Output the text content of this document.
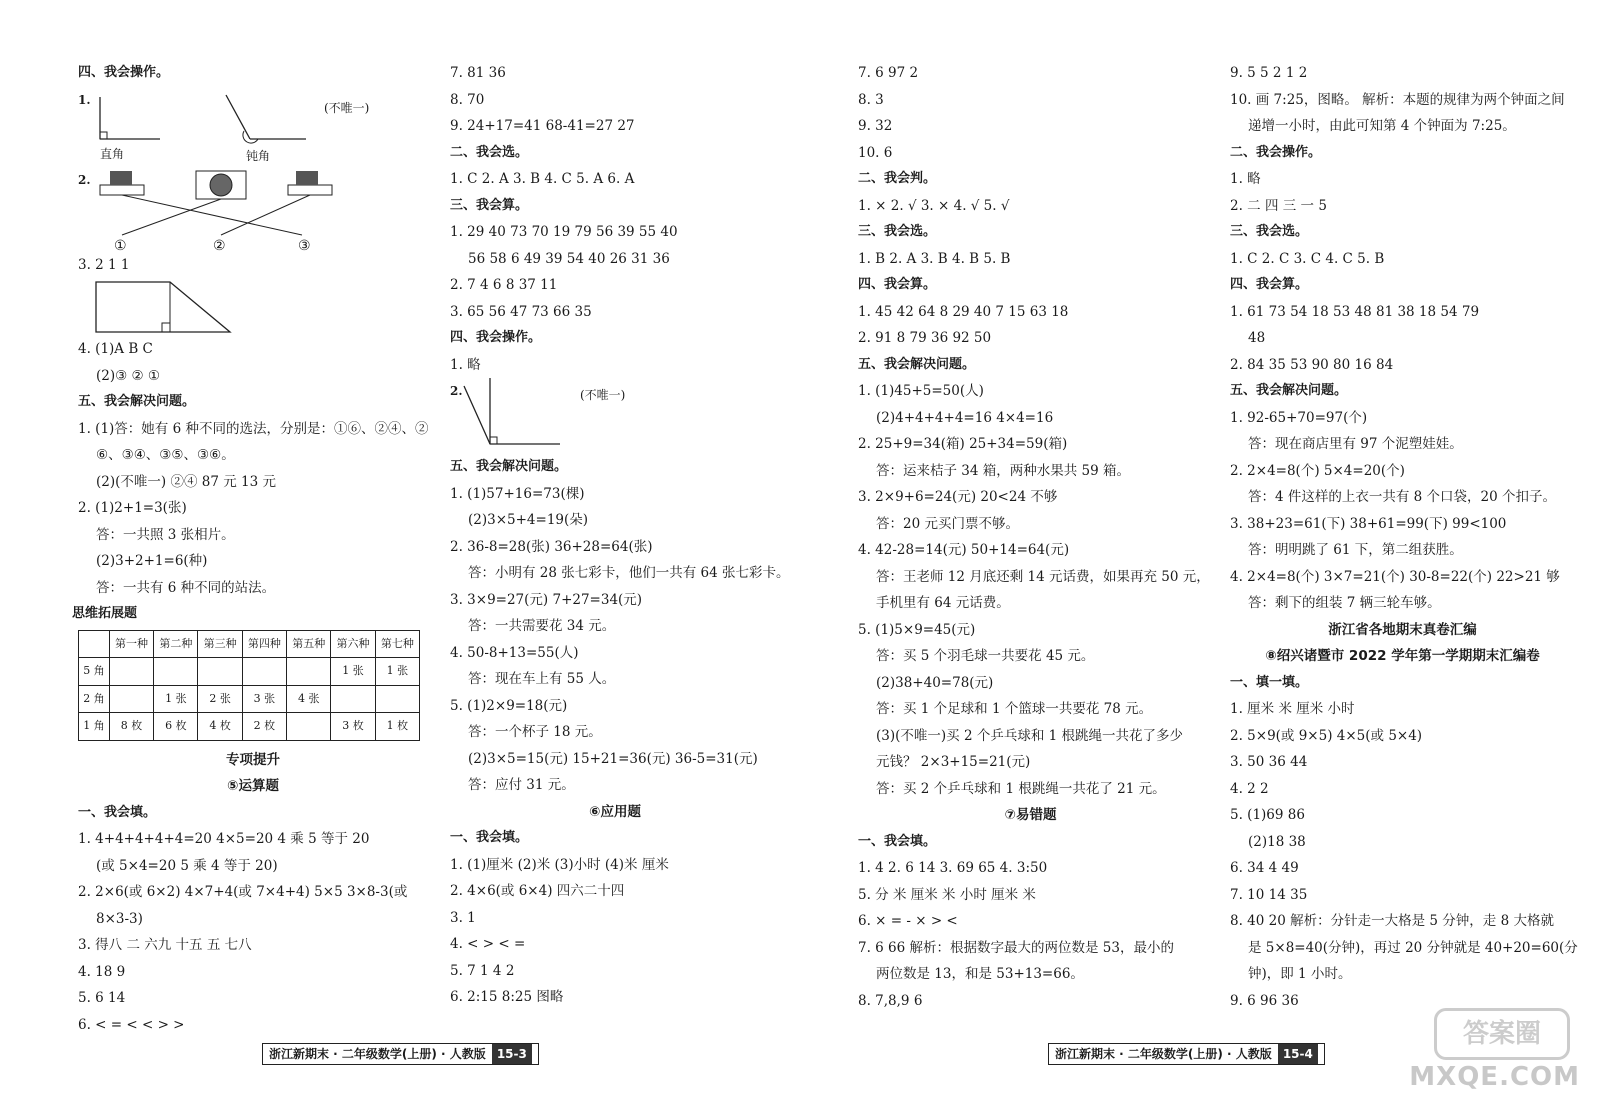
四、我会操作。
1.
(不唯一)
直角	钝角
2.
①	②	③
3. 2 1 1
4. (1)A B C
(2)③ ② ①
五、我会解决问题。
1. (1)答：她有 6 种不同的选法，分别是：①⑥、②④、②
⑥、③④、③⑤、③⑥。
(2)(不唯一) ②④ 87 元 13 元
2. (1)2+1=3(张)
答：一共照 3 张相片。
(2)3+2+1=6(种)
答：一共有 6 种不同的站法。
思维拓展题
	第一种	第二种	第三种	第四种	第五种	第六种	第七种
5 角						1 张	1 张
2 角		1 张	2 张	3 张	4 张		
1 角	8 枚	6 枚	4 枚	2 枚		3 枚	1 枚
专项提升
⑤运算题
一、我会填。
1. 4+4+4+4+4=20 4×5=20 4 乘 5 等于 20
(或 5×4=20 5 乘 4 等于 20)
2. 2×6(或 6×2) 4×7+4(或 7×4+4) 5×5 3×8-3(或
8×3-3)
3. 得八 二 六九 十五 五 七八
4. 18 9
5. 6 14
6. < = < < > >
7. 81 36
8. 70
9. 24+17=41 68-41=27 27
二、我会选。
1. C 2. A 3. B 4. C 5. A 6. A
三、我会算。
1. 29 40 73 70 19 79 56 39 55 40
56 58 6 49 39 54 40 26 31 36
2. 7 4 6 8 37 11
3. 65 56 47 73 66 35
四、我会操作。
1. 略
2.	(不唯一)
五、我会解决问题。
1. (1)57+16=73(棵)
(2)3×5+4=19(朵)
2. 36-8=28(张) 36+28=64(张)
答：小明有 28 张七彩卡，他们一共有 64 张七彩卡。
3. 3×9=27(元) 7+27=34(元)
答：一共需要花 34 元。
4. 50-8+13=55(人)
答：现在车上有 55 人。
5. (1)2×9=18(元)
答：一个杯子 18 元。
(2)3×5=15(元) 15+21=36(元) 36-5=31(元)
答：应付 31 元。
⑥应用题
一、我会填。
1. (1)厘米 (2)米 (3)小时 (4)米 厘米
2. 4×6(或 6×4) 四六二十四
3. 1
4. < > < =
5. 7 1 4 2
6. 2:15 8:25 图略
浙江新期末 · 二年级数学(上册) · 人教版 15-3
7. 6 97 2
8. 3
9. 32
10. 6
二、我会判。
1. × 2. √ 3. × 4. √ 5. √
三、我会选。
1. B 2. A 3. B 4. B 5. B
四、我会算。
1. 45 42 64 8 29 40 7 15 63 18
2. 91 8 79 36 92 50
五、我会解决问题。
1. (1)45+5=50(人)
(2)4+4+4+4=16 4×4=16
2. 25+9=34(箱) 25+34=59(箱)
答：运来桔子 34 箱，两种水果共 59 箱。
3. 2×9+6=24(元) 20<24 不够
答：20 元买门票不够。
4. 42-28=14(元) 50+14=64(元)
答：王老师 12 月底还剩 14 元话费，如果再充 50 元，
手机里有 64 元话费。
5. (1)5×9=45(元)
答：买 5 个羽毛球一共要花 45 元。
(2)38+40=78(元)
答：买 1 个足球和 1 个篮球一共要花 78 元。
(3)(不唯一)买 2 个乒乓球和 1 根跳绳一共花了多少
元钱？ 2×3+15=21(元)
答：买 2 个乒乓球和 1 根跳绳一共花了 21 元。
⑦易错题
一、我会填。
1. 4 2. 6 14 3. 69 65 4. 3:50
5. 分 米 厘米 米 小时 厘米 米
6. × = - × > <
7. 6 66 解析：根据数字最大的两位数是 53，最小的
两位数是 13，和是 53+13=66。
8. 7,8,9 6
9. 5 5 2 1 2
10. 画 7:25，图略。 解析：本题的规律为两个钟面之间
递增一小时，由此可知第 4 个钟面为 7:25。
二、我会操作。
1. 略
2. 二 四 三 一 5
三、我会选。
1. C 2. C 3. C 4. C 5. B
四、我会算。
1. 61 73 54 18 53 48 81 38 18 54 79
48
2. 84 35 53 90 80 16 84
五、我会解决问题。
1. 92-65+70=97(个)
答：现在商店里有 97 个泥塑娃娃。
2. 2×4=8(个) 5×4=20(个)
答：4 件这样的上衣一共有 8 个口袋，20 个扣子。
3. 38+23=61(下) 38+61=99(下) 99<100
答：明明跳了 61 下，第二组获胜。
4. 2×4=8(个) 3×7=21(个) 30-8=22(个) 22>21 够
答：剩下的组装 7 辆三轮车够。
浙江省各地期末真卷汇编
⑧绍兴诸暨市 2022 学年第一学期期末汇编卷
一、填一填。
1. 厘米 米 厘米 小时
2. 5×9(或 9×5) 4×5(或 5×4)
3. 50 36 44
4. 2 2
5. (1)69 86
(2)18 38
6. 34 4 49
7. 10 14 35
8. 40 20 解析：分针走一大格是 5 分钟，走 8 大格就
是 5×8=40(分钟)，再过 20 分钟就是 40+20=60(分
钟)，即 1 小时。
9. 6 96 36
浙江新期末 · 二年级数学(上册) · 人教版 15-4
答案圈
MXQE.COM
